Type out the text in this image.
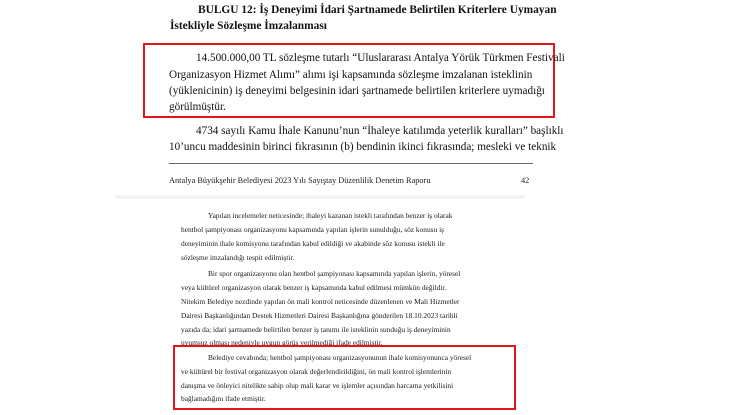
BULGU 12: İş Deneyimi İdari Şartnamede Belirtilen Kriterlere Uymayan
İstekliyle Sözleşme İmzalanması
14.500.000,00 TL sözleşme tutarlı “Uluslararası Antalya Yörük Türkmen Festivali
Organizasyon Hizmet Alımı” alımı işi kapsamında sözleşme imzalanan isteklinin
(yüklenicinin) iş deneyimi belgesinin idari şartnamede belirtilen kriterlere uymadığı
görülmüştür.
4734 sayılı Kamu İhale Kanunu’nun “İhaleye katılımda yeterlik kuralları” başlıklı
10’uncu maddesinin birinci fıkrasının (b) bendinin ikinci fıkrasında; mesleki ve teknik
Antalya Büyükşehir Belediyesi 2023 Yılı Sayıştay Düzenlilik Denetim Raporu	42
Yapılan incelemeler neticesinde; ihaleyi kazanan istekli tarafından benzer iş olarak
hentbol şampiyonası organizasyonu kapsamında yapılan işlerin sunulduğu, söz konusu iş
deneyiminin ihale komisyonu tarafından kabul edildiği ve akabinde söz konusu istekli ile
sözleşme imzalandığı tespit edilmiştir.
Bir spor organizasyonu olan hentbol şampiyonası kapsamında yapılan işlerin, yöresel
veya kültürel organizasyon olarak benzer iş kapsamında kabul edilmesi mümkün değildir.
Nitekim Belediye nezdinde yapılan ön mali kontrol neticesinde düzenlenen ve Mali Hizmetler
Dairesi Başkanlığından Destek Hizmetleri Dairesi Başkanlığına gönderilen 18.10.2023 tarihli
yazıda da; idari şartnamede belirtilen benzer iş tanımı ile isteklinin sunduğu iş deneyiminin
uyumsuz olması nedeniyle uygun görüş verilmediği ifade edilmiştir.
Belediye cevabında; hentbol şampiyonası organizasyonunun ihale komisyonunca yöresel
ve kültürel bir festival organizasyon olarak değerlendirildiğini, ön mali kontrol işlemlerinin
danışma ve önleyici nitelikte sahip olup mali karar ve işlemler açısından harcama yetkilisini
bağlamadığını ifade etmiştir.
